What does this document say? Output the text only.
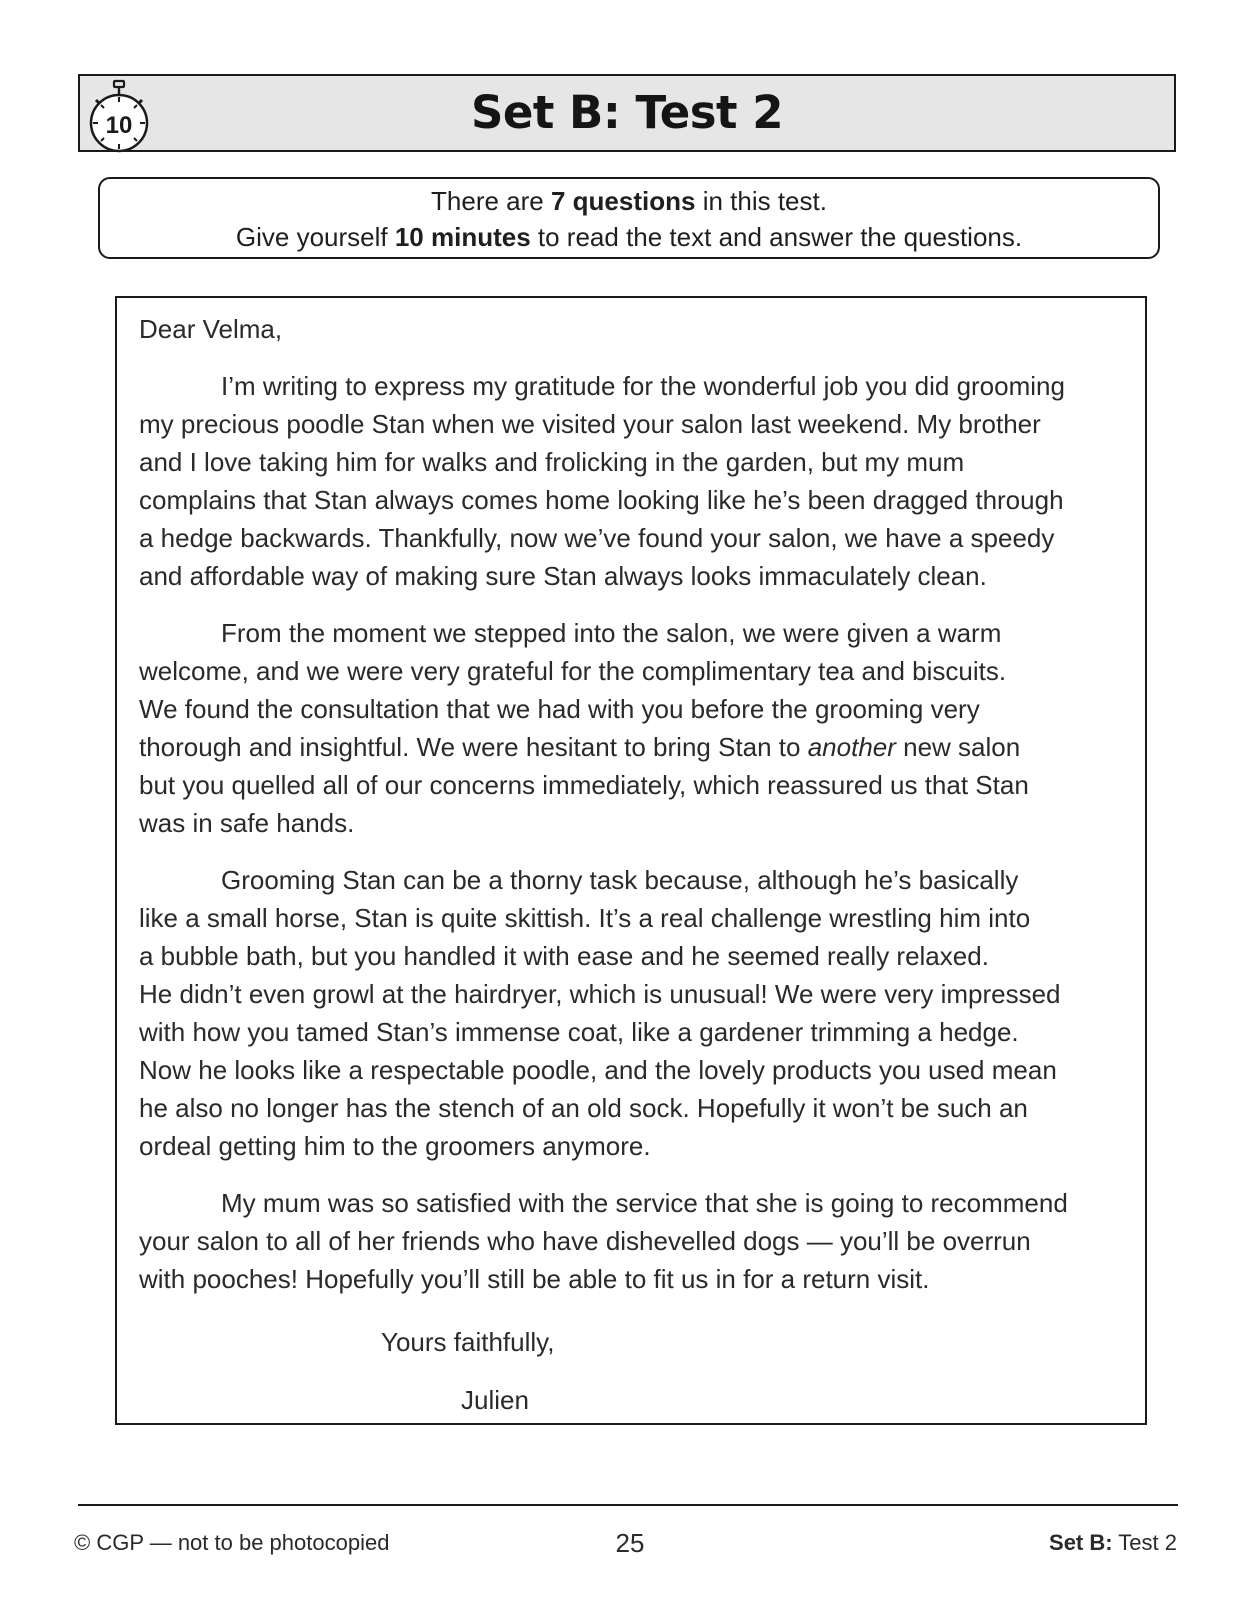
10	Set B: Test 2
There are 7 questions in this test.
Give yourself 10 minutes to read the text and answer the questions.

Dear Velma,

I’m writing to express my gratitude for the wonderful job you did grooming
my precious poodle Stan when we visited your salon last weekend. My brother
and I love taking him for walks and frolicking in the garden, but my mum
complains that Stan always comes home looking like he’s been dragged through
a hedge backwards. Thankfully, now we’ve found your salon, we have a speedy
and affordable way of making sure Stan always looks immaculately clean.

From the moment we stepped into the salon, we were given a warm
welcome, and we were very grateful for the complimentary tea and biscuits.
We found the consultation that we had with you before the grooming very
thorough and insightful. We were hesitant to bring Stan to another new salon
but you quelled all of our concerns immediately, which reassured us that Stan
was in safe hands.

Grooming Stan can be a thorny task because, although he’s basically
like a small horse, Stan is quite skittish. It’s a real challenge wrestling him into
a bubble bath, but you handled it with ease and he seemed really relaxed.
He didn’t even growl at the hairdryer, which is unusual! We were very impressed
with how you tamed Stan’s immense coat, like a gardener trimming a hedge.
Now he looks like a respectable poodle, and the lovely products you used mean
he also no longer has the stench of an old sock. Hopefully it won’t be such an
ordeal getting him to the groomers anymore.

My mum was so satisfied with the service that she is going to recommend
your salon to all of her friends who have dishevelled dogs — you’ll be overrun
with pooches! Hopefully you’ll still be able to fit us in for a return visit.

Yours faithfully,
Julien
© CGP — not to be photocopied	25	Set B: Test 2
